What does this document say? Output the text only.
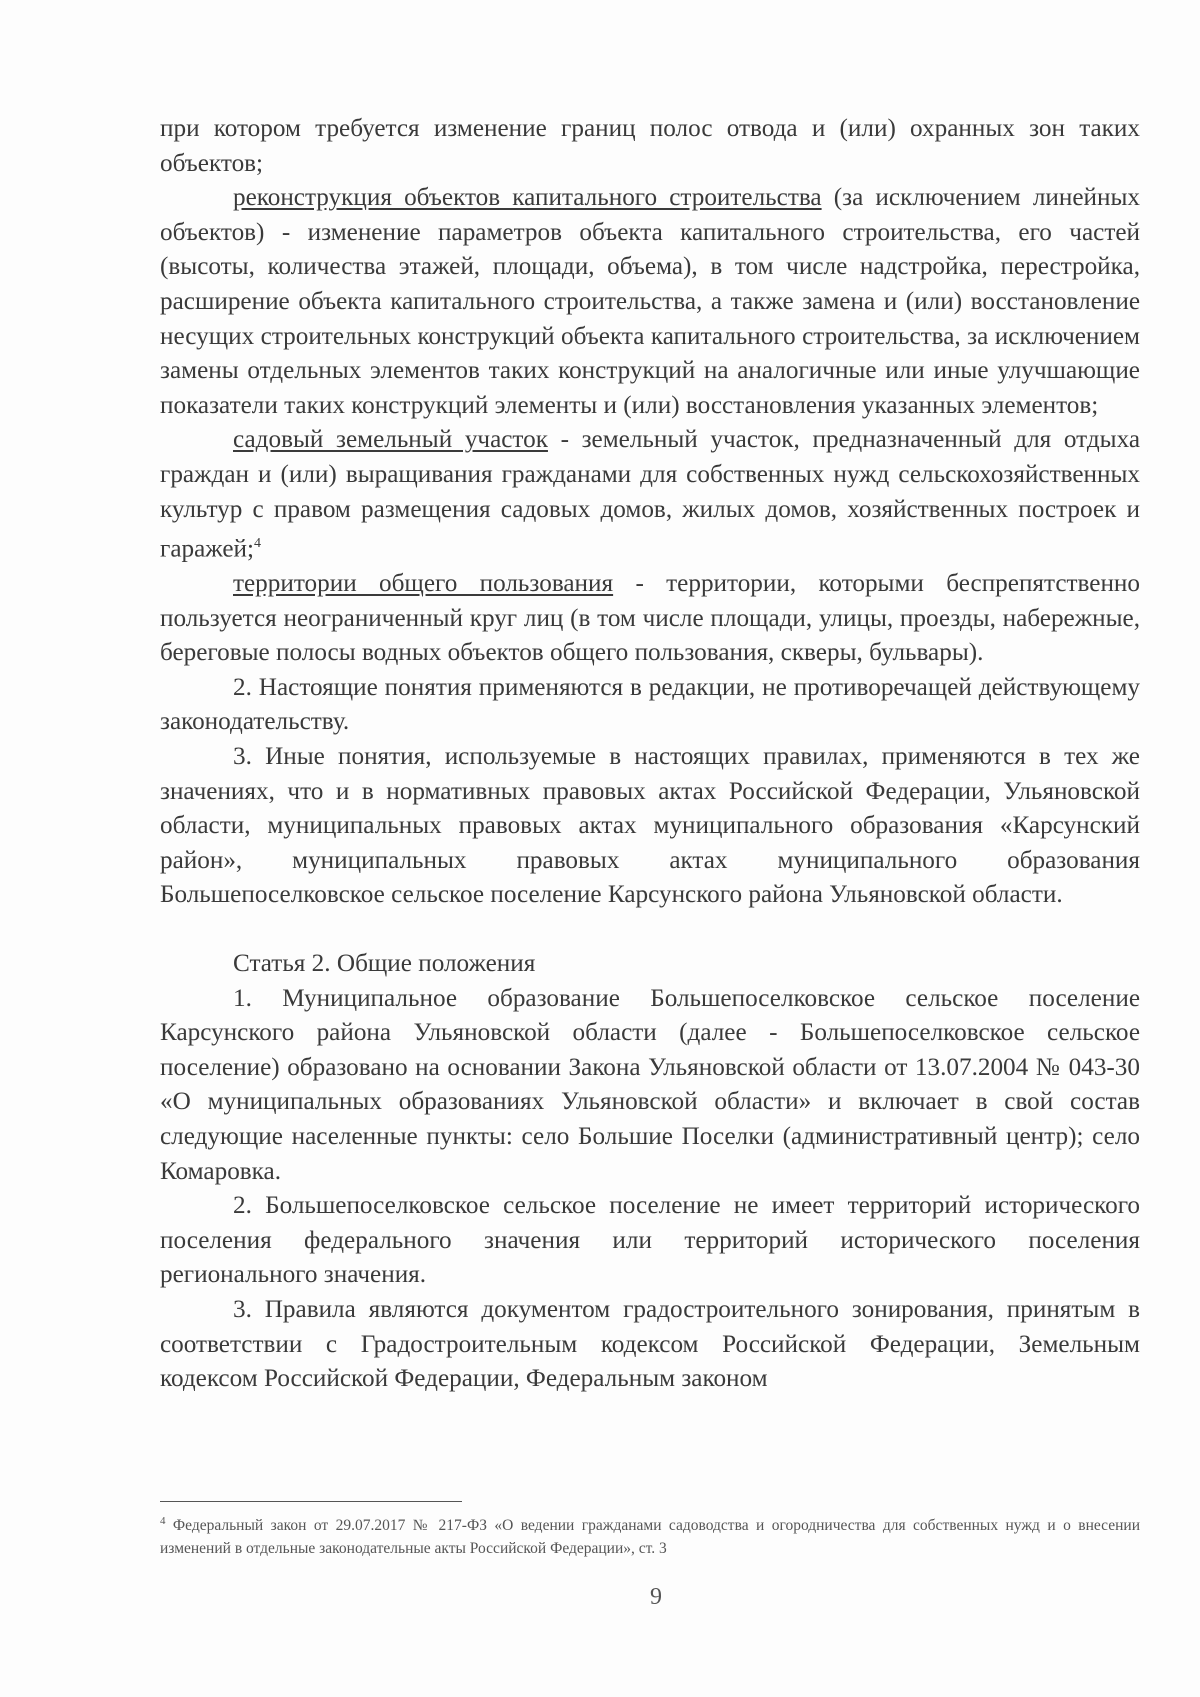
при котором требуется изменение границ полос отвода и (или) охранных зон таких объектов;

реконструкция объектов капитального строительства (за исключением линейных объектов) - изменение параметров объекта капитального строительства, его частей (высоты, количества этажей, площади, объема), в том числе надстройка, перестройка, расширение объекта капитального строительства, а также замена и (или) восстановление несущих строительных конструкций объекта капитального строительства, за исключением замены отдельных элементов таких конструкций на аналогичные или иные улучшающие показатели таких конструкций элементы и (или) восстановления указанных элементов;

садовый земельный участок - земельный участок, предназначенный для отдыха граждан и (или) выращивания гражданами для собственных нужд сельскохозяйственных культур с правом размещения садовых домов, жилых домов, хозяйственных построек и гаражей;$^4$

территории общего пользования - территории, которыми беспрепятственно пользуется неограниченный круг лиц (в том числе площади, улицы, проезды, набережные, береговые полосы водных объектов общего пользования, скверы, бульвары).

2. Настоящие понятия применяются в редакции, не противоречащей действующему законодательству.

3. Иные понятия, используемые в настоящих правилах, применяются в тех же значениях, что и в нормативных правовых актах Российской Федерации, Ульяновской области, муниципальных правовых актах муниципального образования «Карсунский район», муниципальных правовых актах муниципального образования Большепоселковское сельское поселение Карсунского района Ульяновской области.

Статья 2. Общие положения

1. Муниципальное образование Большепоселковское сельское поселение Карсунского района Ульяновской области (далее - Большепоселковское сельское поселение) образовано на основании Закона Ульяновской области от 13.07.2004 № 043-30 «О муниципальных образованиях Ульяновской области» и включает в свой состав следующие населенные пункты: село Большие Поселки (административный центр); село Комаровка.

2. Большепоселковское сельское поселение не имеет территорий исторического поселения федерального значения или территорий исторического поселения регионального значения.

3. Правила являются документом градостроительного зонирования, принятым в соответствии с Градостроительным кодексом Российской Федерации, Земельным кодексом Российской Федерации, Федеральным законом

$^4$ Федеральный закон от 29.07.2017 № 217-ФЗ «О ведении гражданами садоводства и огородничества для собственных нужд и о внесении изменений в отдельные законодательные акты Российской Федерации», ст. 3
9
